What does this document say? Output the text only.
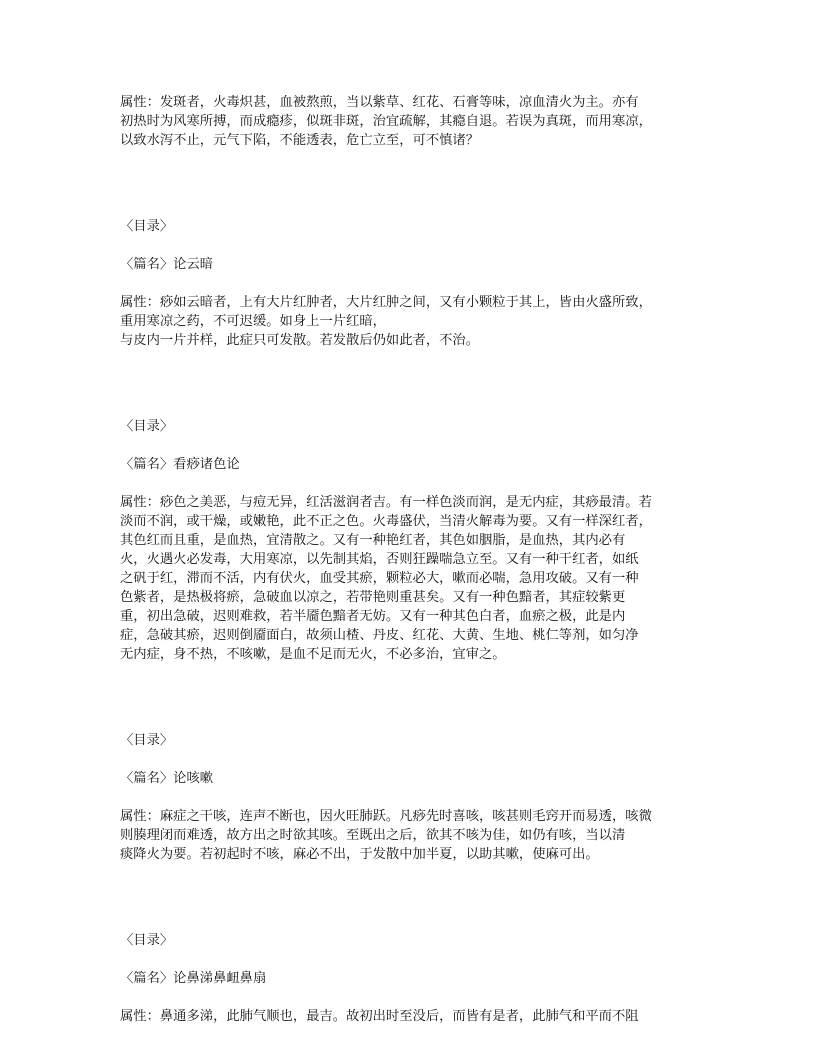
属性：发斑者，火毒炽甚，血被熬煎，当以紫草、红花、石膏等味，凉血清火为主。亦有
初热时为风寒所搏，而成瘾疹，似斑非斑，治宜疏解，其瘾自退。若误为真斑，而用寒凉，
以致水泻不止，元气下陷，不能透表，危亡立至，可不慎诸？

〈目录〉

〈篇名〉论云暗

属性：痧如云暗者，上有大片红肿者，大片红肿之间，又有小颗粒于其上，皆由火盛所致，
重用寒凉之药，不可迟缓。如身上一片红暗，
与皮内一片并样，此症只可发散。若发散后仍如此者，不治。

〈目录〉

〈篇名〉看痧诸色论

属性：痧色之美恶，与痘无异，红活滋润者吉。有一样色淡而润，是无内症，其痧最清。若
淡而不润，或干燥，或嫩艳，此不正之色。火毒盛伏，当清火解毒为要。又有一样深红者，
其色红而且重，是血热，宜清散之。又有一种艳红者，其色如胭脂，是血热，其内必有
火，火遇火必发毒，大用寒凉，以先制其焰，否则狂躁喘急立至。又有一种干红者，如纸
之矾于红，滞而不活，内有伏火，血受其瘀，颗粒必大，嗽而必喘，急用攻破。又有一种
色紫者，是热极将瘀，急破血以凉之，若带艳则重甚矣。又有一种色黯者，其症较紫更
重，初出急破，迟则难救，若半靥色黯者无妨。又有一种其色白者，血瘀之极，此是内
症，急破其瘀，迟则倒靥面白，故须山楂、丹皮、红花、大黄、生地、桃仁等剂，如匀净
无内症，身不热，不咳嗽，是血不足而无火，不必多治，宜审之。

〈目录〉

〈篇名〉论咳嗽

属性：麻症之干咳，连声不断也，因火旺肺跃。凡痧先时喜咳，咳甚则毛窍开而易透，咳微
则腠理闭而难透，故方出之时欲其咳。至既出之后，欲其不咳为佳，如仍有咳，当以清
痰降火为要。若初起时不咳，麻必不出，于发散中加半夏，以助其嗽，使麻可出。

〈目录〉

〈篇名〉论鼻涕鼻衄鼻扇

属性：鼻通多涕，此肺气顺也，最吉。故初出时至没后，而皆有是者，此肺气和平而不阻
